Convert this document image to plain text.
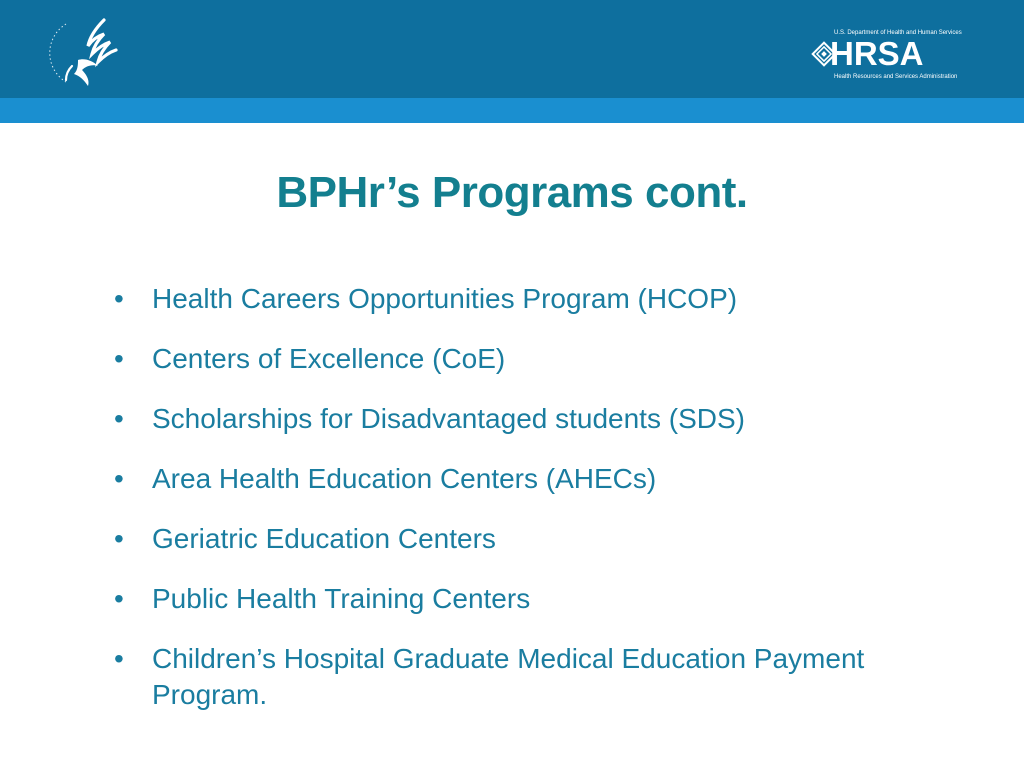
U.S. Department of Health and Human Services
HRSA
Health Resources and Services Administration
BPHr’s Programs cont.
• Health Careers Opportunities Program (HCOP)
• Centers of Excellence (CoE)
• Scholarships for Disadvantaged students (SDS)
• Area Health Education Centers (AHECs)
• Geriatric Education Centers
• Public Health Training Centers
• Children’s Hospital Graduate Medical Education Payment Program.
